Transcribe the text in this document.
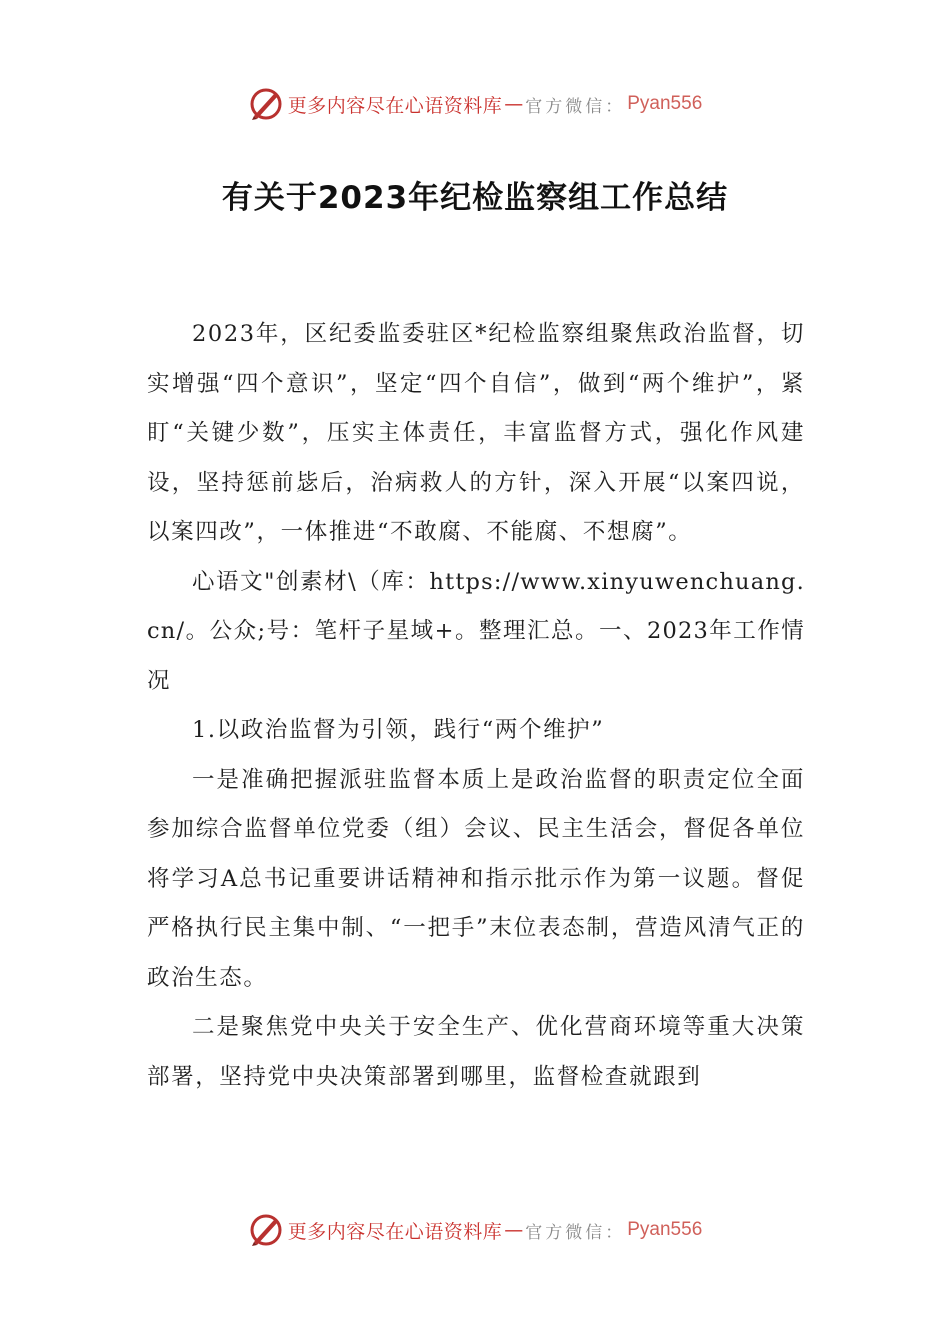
更多内容尽在心语资料库 — 官方微信： Pyan556
有关于2023年纪检监察组工作总结

2023年，区纪委监委驻区*纪检监察组聚焦政治监督，切实增强“四个意识”，坚定“四个自信”，做到“两个维护”，紧盯“关键少数”，压实主体责任，丰富监督方式，强化作风建设，坚持惩前毖后，治病救人的方针，深入开展“以案四说，以案四改”，一体推进“不敢腐、不能腐、不想腐”。

心语文"创素材\（库：https://www.xinyuwenchuang.cn/。公众;号：笔杆子星域+。整理汇总。一、2023年工作情况

1.以政治监督为引领，践行“两个维护”

一是准确把握派驻监督本质上是政治监督的职责定位全面参加综合监督单位党委（组）会议、民主生活会，督促各单位将学习A总书记重要讲话精神和指示批示作为第一议题。督促严格执行民主集中制、“一把手”末位表态制，营造风清气正的政治生态。

二是聚焦党中央关于安全生产、优化营商环境等重大决策部署，坚持党中央决策部署到哪里，监督检查就跟到

更多内容尽在心语资料库 — 官方微信： Pyan556
